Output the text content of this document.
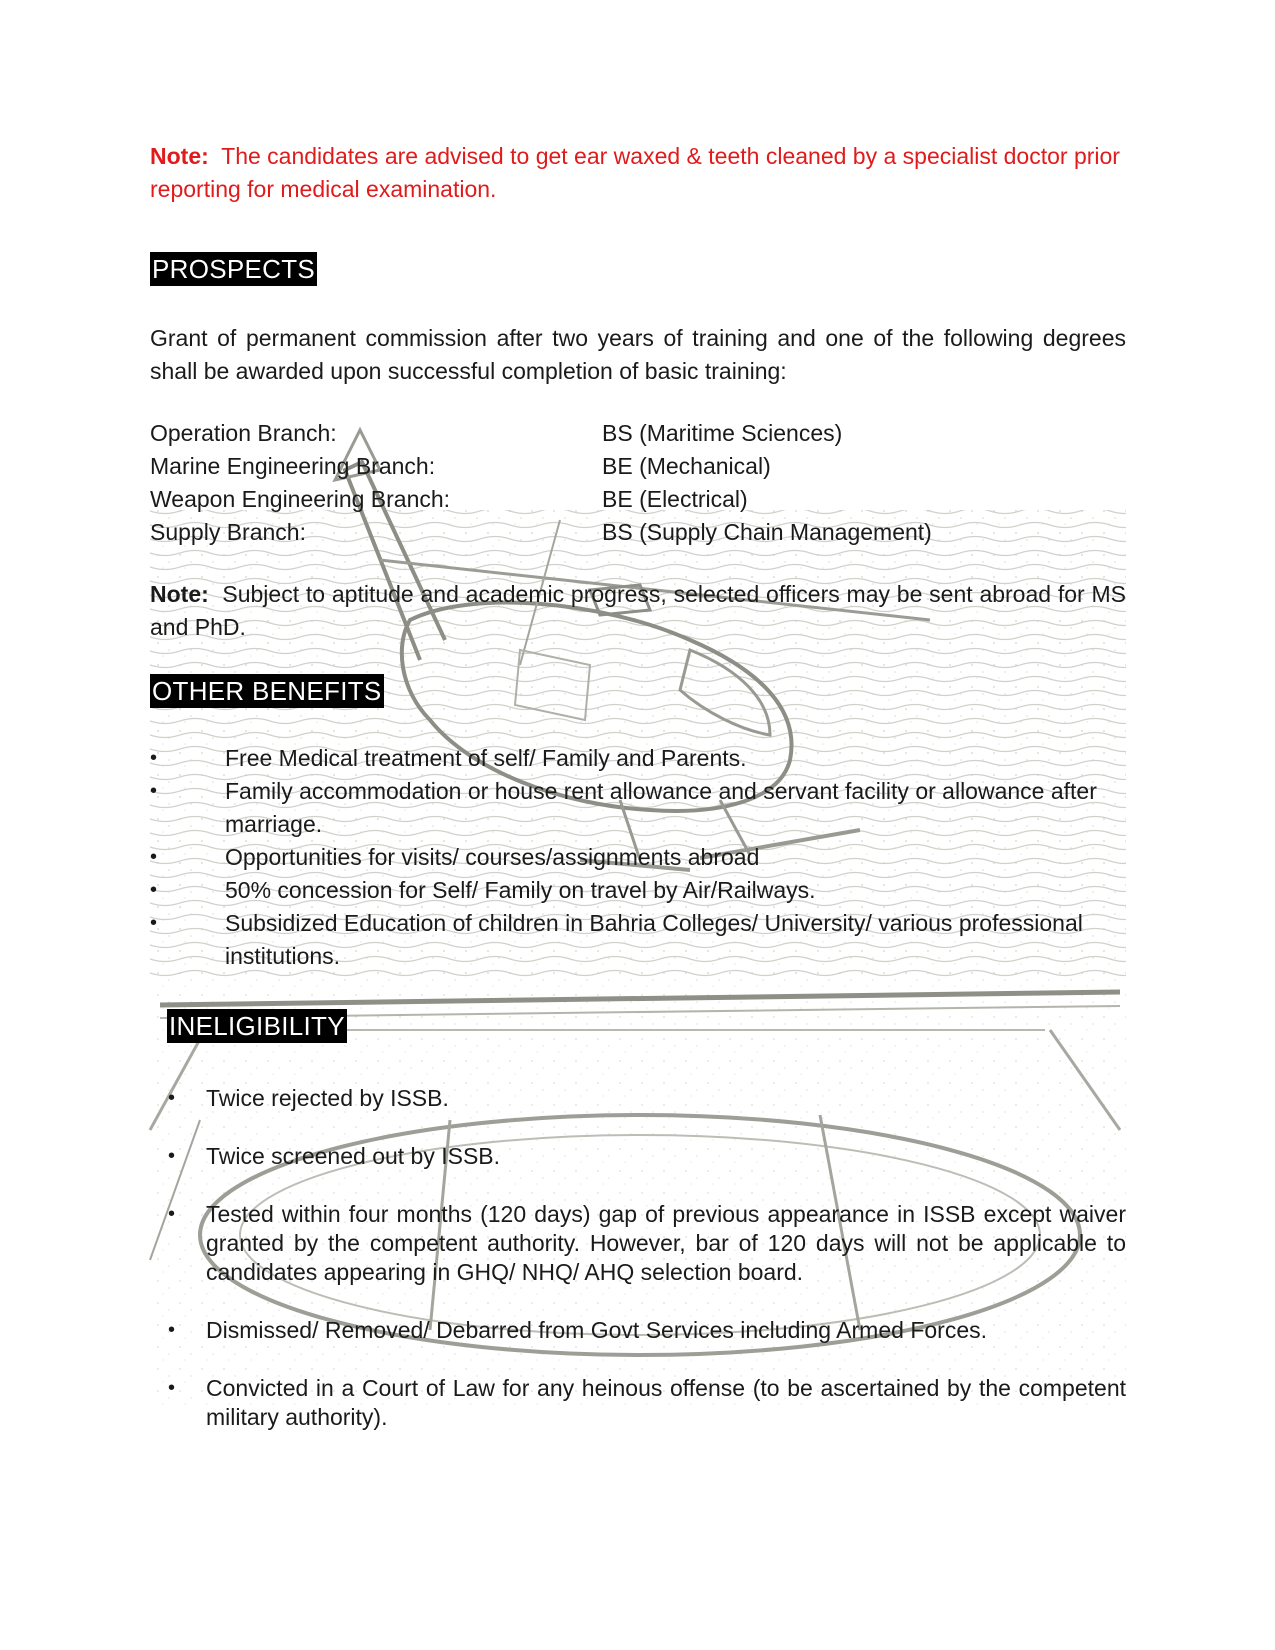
Note: The candidates are advised to get ear waxed & teeth cleaned by a specialist doctor prior reporting for medical examination.

PROSPECTS

Grant of permanent commission after two years of training and one of the following degrees shall be awarded upon successful completion of basic training:

Operation Branch:	BS (Maritime Sciences)
Marine Engineering Branch:	BE (Mechanical)
Weapon Engineering Branch:	BE (Electrical)
Supply Branch:	BS (Supply Chain Management)

Note: Subject to aptitude and academic progress, selected officers may be sent abroad for MS and PhD.

OTHER BENEFITS
•	Free Medical treatment of self/ Family and Parents.
•	Family accommodation or house rent allowance and servant facility or allowance after marriage.
•	Opportunities for visits/ courses/assignments abroad
•	50% concession for Self/ Family on travel by Air/Railways.
•	Subsidized Education of children in Bahria Colleges/ University/ various professional institutions.
INELIGIBILITY
• Twice rejected by ISSB.
• Twice screened out by ISSB.
• Tested within four months (120 days) gap of previous appearance in ISSB except waiver granted by the competent authority. However, bar of 120 days will not be applicable to candidates appearing in GHQ/ NHQ/ AHQ selection board.
• Dismissed/ Removed/ Debarred from Govt Services including Armed Forces.
• Convicted in a Court of Law for any heinous offense (to be ascertained by the competent military authority).
